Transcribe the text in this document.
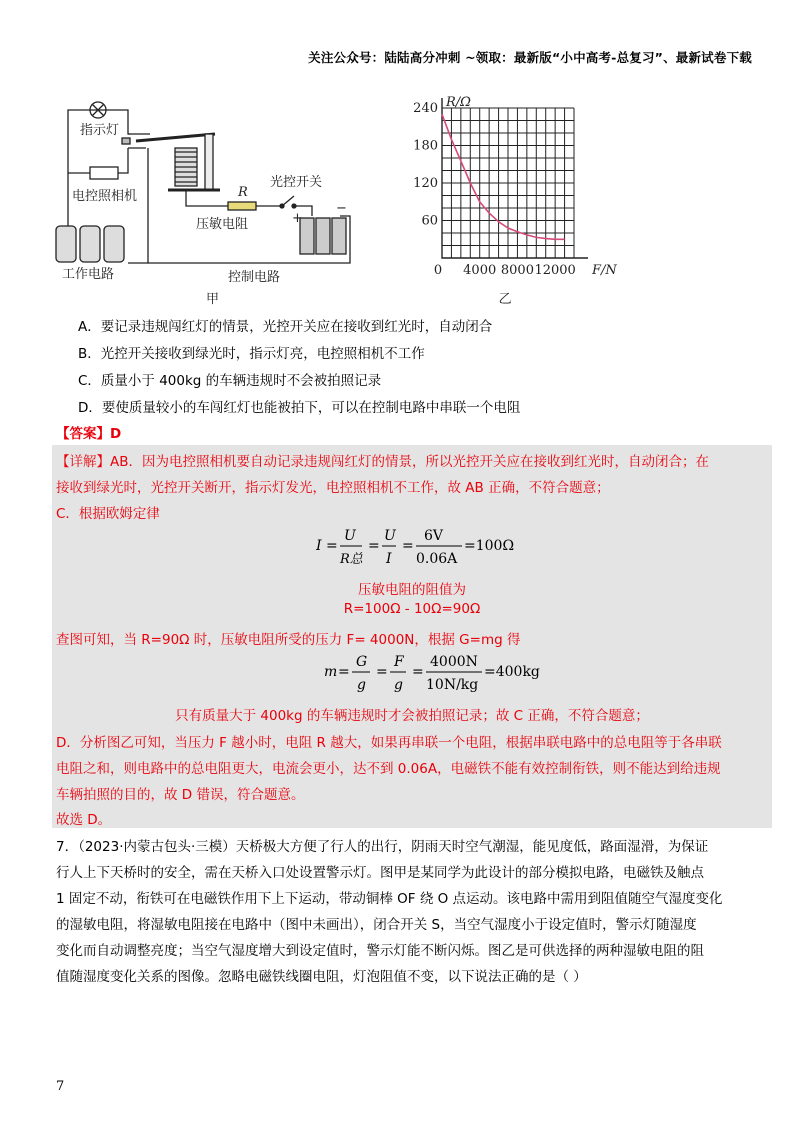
关注公众号：陆陆高分冲刺 ~领取：最新版“小中高考-总复习”、最新试卷下载
指示灯
电控照相机
工作电路
R
光控开关
压敏电阻
控制电路
−
+
甲
240
180
120
60
0 4000 8000 12000
R/Ω
F/N
乙
A．要记录违规闯红灯的情景，光控开关应在接收到红光时，自动闭合
B．光控开关接收到绿光时，指示灯亮，电控照相机不工作
C．质量小于 400kg 的车辆违规时不会被拍照记录
D．要使质量较小的车闯红灯也能被拍下，可以在控制电路中串联一个电阻
【答案】D
【详解】AB．因为电控照相机要自动记录违规闯红灯的情景，所以光控开关应在接收到红光时，自动闭合；在
接收到绿光时，光控开关断开，指示灯发光，电控照相机不工作，故 AB 正确，不符合题意；
C．根据欧姆定律
I =
U
R总
=
U
I
=
6V
0.06A
=100Ω
压敏电阻的阻值为
R=100Ω - 10Ω=90Ω
查图可知，当 R=90Ω 时，压敏电阻所受的压力 F= 4000N，根据 G=mg 得
m =
G
g
=
F
g
=
4000N
10N/kg
=400kg
只有质量大于 400kg 的车辆违规时才会被拍照记录；故 C 正确，不符合题意；
D．分析图乙可知，当压力 F 越小时，电阻 R 越大，如果再串联一个电阻，根据串联电路中的总电阻等于各串联
电阻之和，则电路中的总电阻更大，电流会更小，达不到 0.06A，电磁铁不能有效控制衔铁，则不能达到给违规
车辆拍照的目的，故 D 错误，符合题意。
故选 D。
7．（2023·内蒙古包头·三模）天桥极大方便了行人的出行，阴雨天时空气潮湿，能见度低，路面湿滑，为保证
行人上下天桥时的安全，需在天桥入口处设置警示灯。图甲是某同学为此设计的部分模拟电路，电磁铁及触点
1 固定不动，衔铁可在电磁铁作用下上下运动，带动铜棒 OF 绕 O 点运动。该电路中需用到阻值随空气湿度变化
的湿敏电阻，将湿敏电阻接在电路中（图中未画出），闭合开关 S，当空气湿度小于设定值时，警示灯随湿度
变化而自动调整亮度；当空气湿度增大到设定值时，警示灯能不断闪烁。图乙是可供选择的两种湿敏电阻的阻
值随湿度变化关系的图像。忽略电磁铁线圈电阻，灯泡阻值不变，以下说法正确的是（ ）
7
